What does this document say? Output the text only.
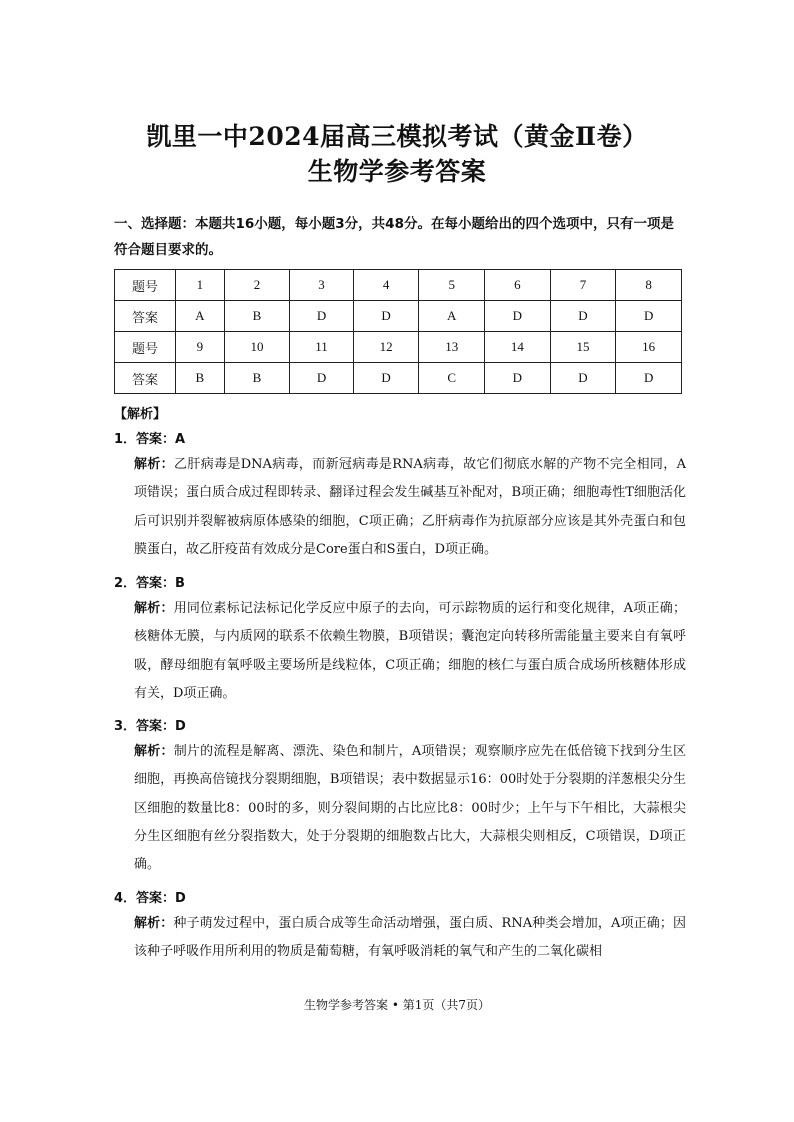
凯里一中2024届高三模拟考试（黄金Ⅱ卷）
生物学参考答案
一、选择题：本题共16小题，每小题3分，共48分。在每小题给出的四个选项中，只有一项是符合题目要求的。
题号	1	2	3	4	5	6	7	8
答案	A	B	D	D	A	D	D	D
题号	9	10	11	12	13	14	15	16
答案	B	B	D	D	C	D	D	D
【解析】
1．答案：A
解析：乙肝病毒是DNA病毒，而新冠病毒是RNA病毒，故它们彻底水解的产物不完全相同，A项错误；蛋白质合成过程即转录、翻译过程会发生碱基互补配对，B项正确；细胞毒性T细胞活化后可识别并裂解被病原体感染的细胞，C项正确；乙肝病毒作为抗原部分应该是其外壳蛋白和包膜蛋白，故乙肝疫苗有效成分是Core蛋白和S蛋白，D项正确。
2．答案：B
解析：用同位素标记法标记化学反应中原子的去向，可示踪物质的运行和变化规律，A项正确；核糖体无膜，与内质网的联系不依赖生物膜，B项错误；囊泡定向转移所需能量主要来自有氧呼吸，酵母细胞有氧呼吸主要场所是线粒体，C项正确；细胞的核仁与蛋白质合成场所核糖体形成有关，D项正确。
3．答案：D
解析：制片的流程是解离、漂洗、染色和制片，A项错误；观察顺序应先在低倍镜下找到分生区细胞，再换高倍镜找分裂期细胞，B项错误；表中数据显示16：00时处于分裂期的洋葱根尖分生区细胞的数量比8：00时的多，则分裂间期的占比应比8：00时少；上午与下午相比，大蒜根尖分生区细胞有丝分裂指数大，处于分裂期的细胞数占比大，大蒜根尖则相反，C项错误，D项正确。
4．答案：D
解析：种子萌发过程中，蛋白质合成等生命活动增强，蛋白质、RNA种类会增加，A项正确；因该种子呼吸作用所利用的物质是葡萄糖，有氧呼吸消耗的氧气和产生的二氧化碳相
生物学参考答案 • 第1页（共7页）
